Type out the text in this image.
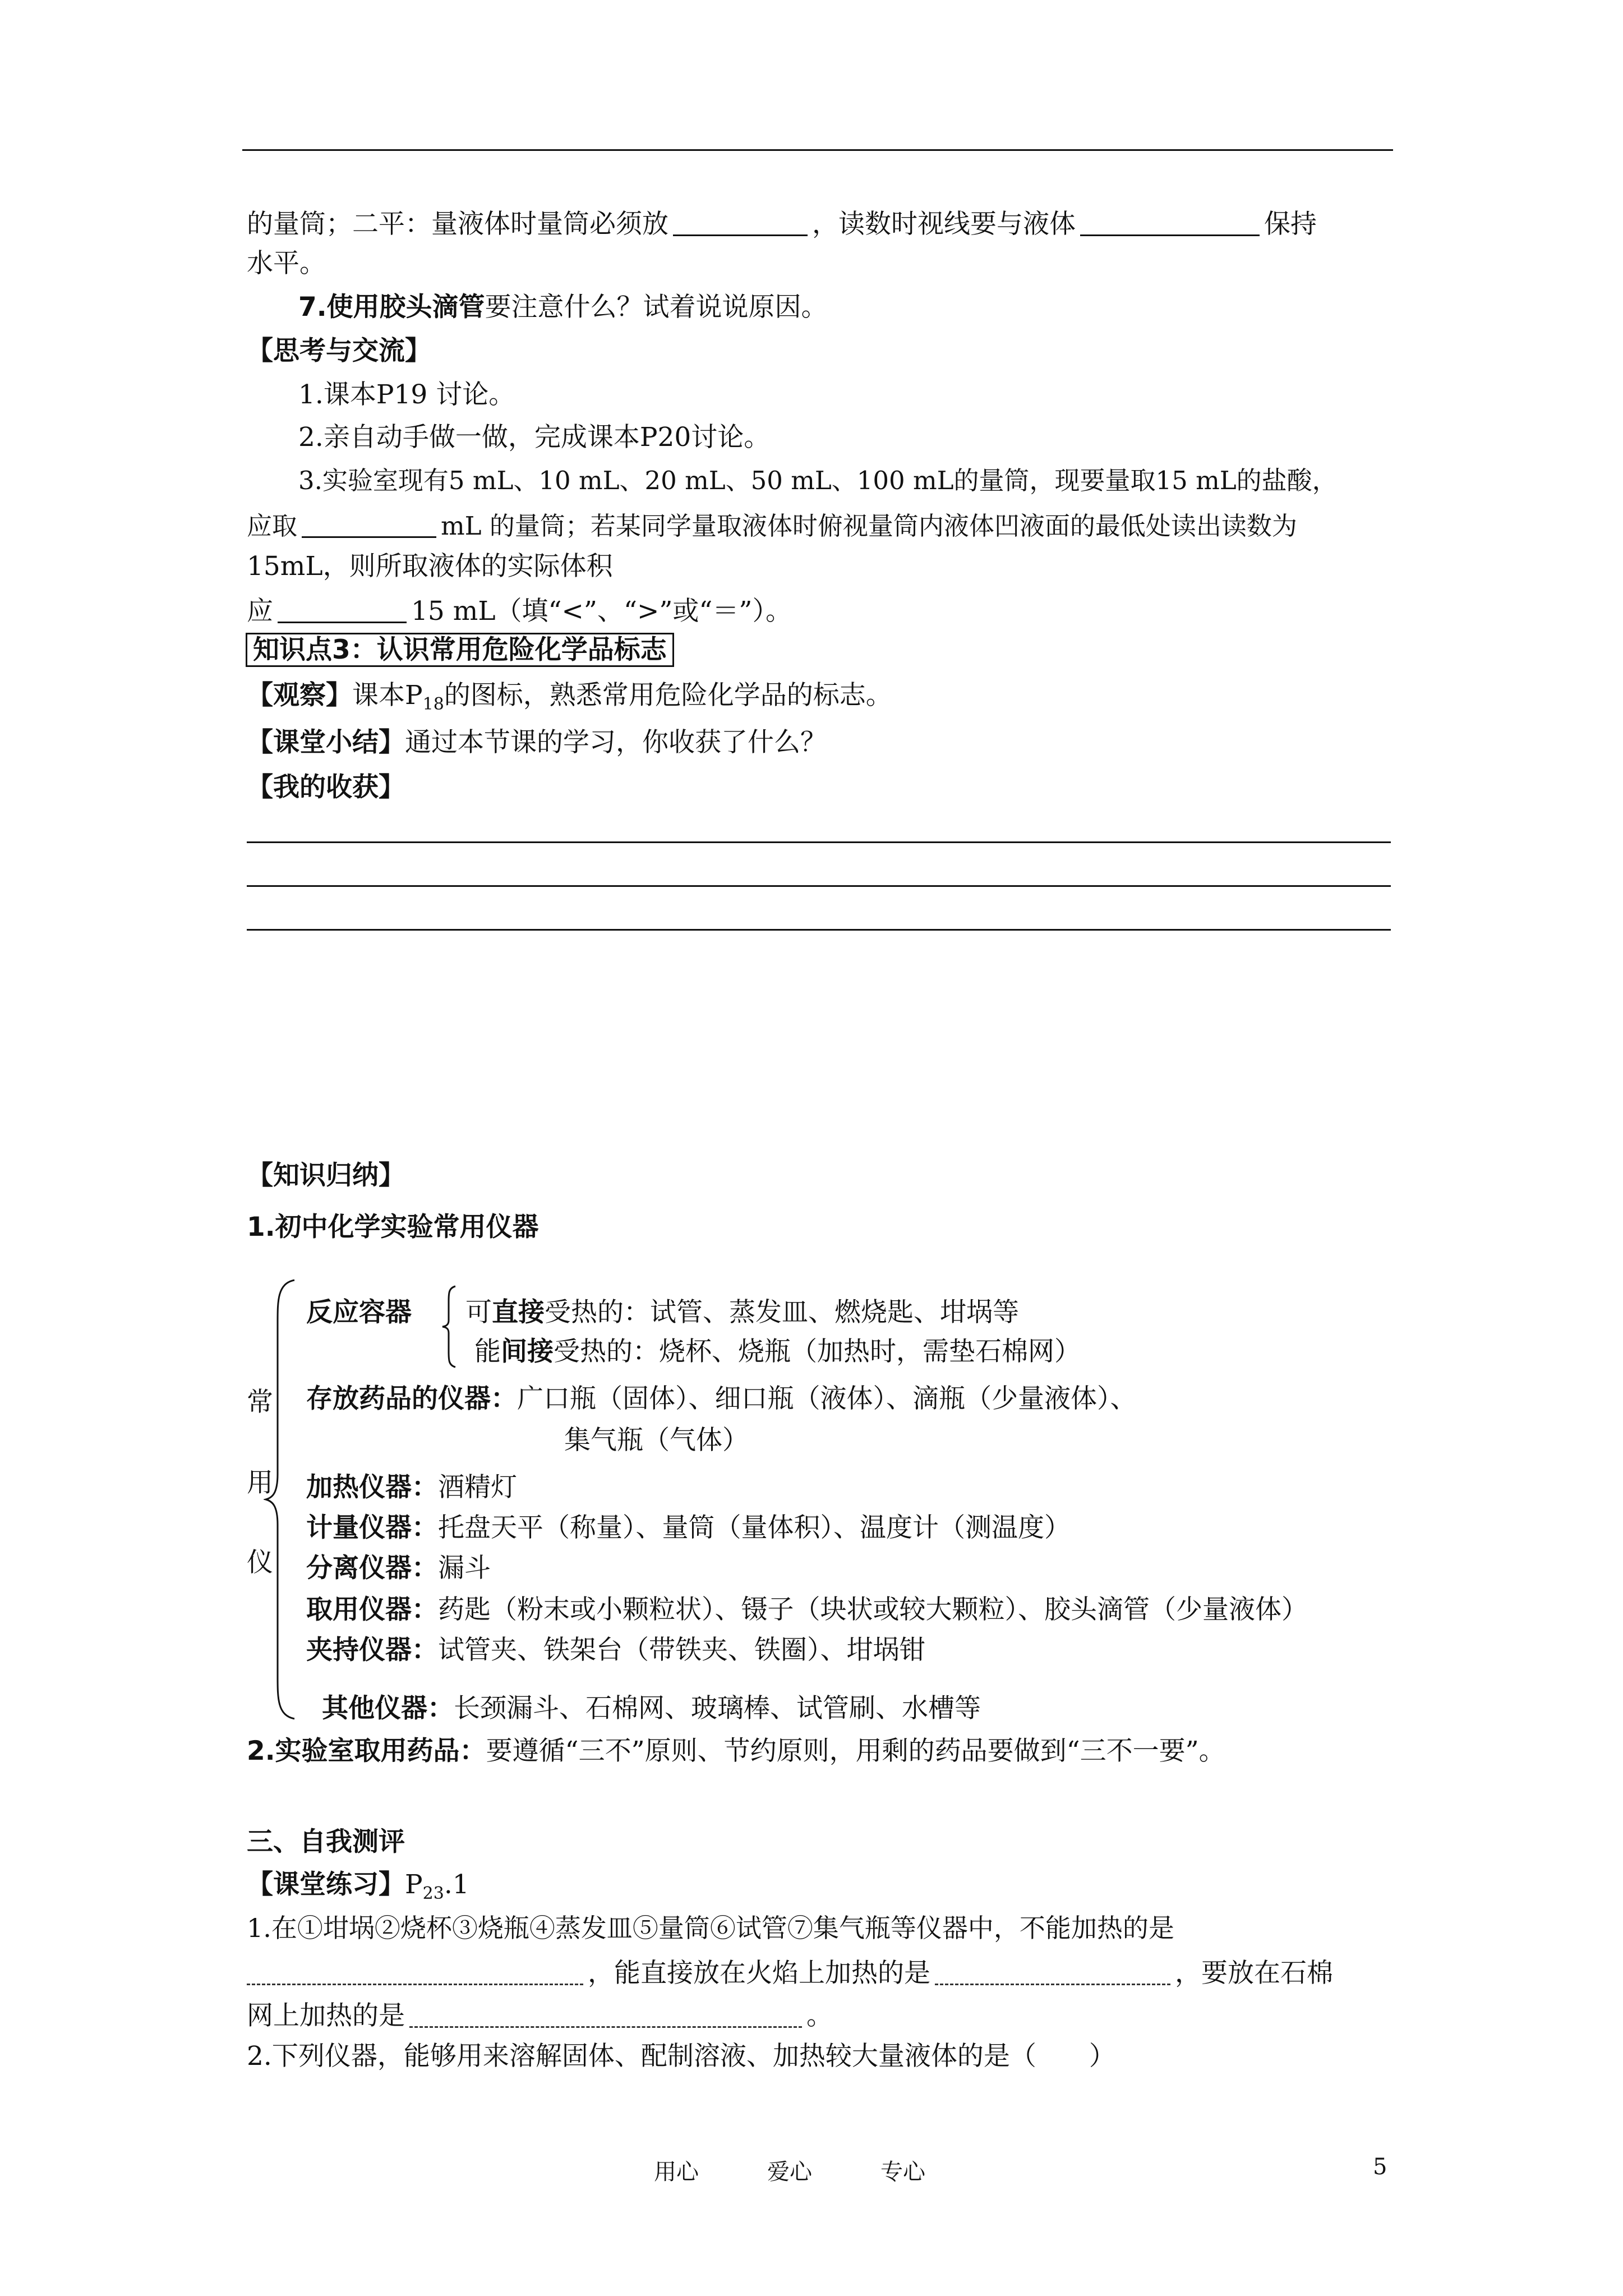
的量筒；二平：量液体时量筒必须放	，读数时视线要与液体	保持
水平。
7.使用胶头滴管要注意什么？试着说说原因。
【思考与交流】
1.课本P19 讨论。
2.亲自动手做一做，完成课本P20讨论。
3.实验室现有5 mL、10 mL、20 mL、50 mL、100 mL的量筒，现要量取15 mL的盐酸，
应取	mL 的量筒；若某同学量取液体时俯视量筒内液体凹液面的最低处读出读数为
15mL，则所取液体的实际体积
应	15 mL（填“<”、“>”或“＝”）。
知识点3：认识常用危险化学品标志
【观察】课本$P_{18}$的图标，熟悉常用危险化学品的标志。
【课堂小结】通过本节课的学习，你收获了什么？
【我的收获】
【知识归纳】
1.初中化学实验常用仪器
常
用
仪
反应容器 可直接受热的：试管、蒸发皿、燃烧匙、坩埚等
能间接受热的：烧杯、烧瓶（加热时，需垫石棉网）
存放药品的仪器：广口瓶（固体）、细口瓶（液体）、滴瓶（少量液体）、
集气瓶（气体）
加热仪器：酒精灯
计量仪器：托盘天平（称量）、量筒（量体积）、温度计（测温度）
分离仪器：漏斗
取用仪器：药匙（粉末或小颗粒状）、镊子（块状或较大颗粒）、胶头滴管（少量液体）
夹持仪器：试管夹、铁架台（带铁夹、铁圈）、坩埚钳
其他仪器：长颈漏斗、石棉网、玻璃棒、试管刷、水槽等
2.实验室取用药品：要遵循“三不”原则、节约原则，用剩的药品要做到“三不一要”。
三、自我测评
【课堂练习】$P_{23}.1$
1.在①坩埚②烧杯③烧瓶④蒸发皿⑤量筒⑥试管⑦集气瓶等仪器中，不能加热的是
，能直接放在火焰上加热的是	，要放在石棉
网上加热的是	。
2.下列仪器，能够用来溶解固体、配制溶液、加热较大量液体的是（　　）
用心	爱心	专心	5
